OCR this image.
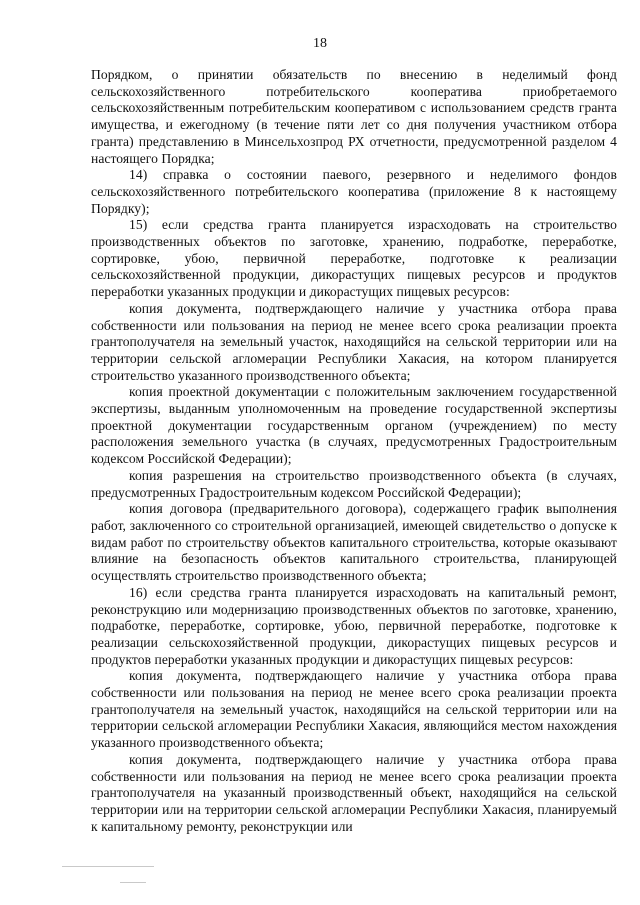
18

Порядком, о принятии обязательств по внесению в неделимый фонд сельскохозяйственного потребительского кооператива приобретаемого сельскохозяйственным потребительским кооперативом с использованием средств гранта имущества, и ежегодному (в течение пяти лет со дня получения участником отбора гранта) представлению в Минсельхозпрод РХ отчетности, предусмотренной разделом 4 настоящего Порядка;

14) справка о состоянии паевого, резервного и неделимого фондов сельскохозяйственного потребительского кооператива (приложение 8 к настоящему Порядку);

15) если средства гранта планируется израсходовать на строительство производственных объектов по заготовке, хранению, подработке, переработке, сортировке, убою, первичной переработке, подготовке к реализации сельскохозяйственной продукции, дикорастущих пищевых ресурсов и продуктов переработки указанных продукции и дикорастущих пищевых ресурсов:

копия документа, подтверждающего наличие у участника отбора права собственности или пользования на период не менее всего срока реализации проекта грантополучателя на земельный участок, находящийся на сельской территории или на территории сельской агломерации Республики Хакасия, на котором планируется строительство указанного производственного объекта;

копия проектной документации с положительным заключением государственной экспертизы, выданным уполномоченным на проведение государственной экспертизы проектной документации государственным органом (учреждением) по месту расположения земельного участка (в случаях, предусмотренных Градостроительным кодексом Российской Федерации);

копия разрешения на строительство производственного объекта (в случаях, предусмотренных Градостроительным кодексом Российской Федерации);

копия договора (предварительного договора), содержащего график выполнения работ, заключенного со строительной организацией, имеющей свидетельство о допуске к видам работ по строительству объектов капитального строительства, которые оказывают влияние на безопасность объектов капитального строительства, планирующей осуществлять строительство производственного объекта;

16) если средства гранта планируется израсходовать на капитальный ремонт, реконструкцию или модернизацию производственных объектов по заготовке, хранению, подработке, переработке, сортировке, убою, первичной переработке, подготовке к реализации сельскохозяйственной продукции, дикорастущих пищевых ресурсов и продуктов переработки указанных продукции и дикорастущих пищевых ресурсов:

копия документа, подтверждающего наличие у участника отбора права собственности или пользования на период не менее всего срока реализации проекта грантополучателя на земельный участок, находящийся на сельской территории или на территории сельской агломерации Республики Хакасия, являющийся местом нахождения указанного производственного объекта;

копия документа, подтверждающего наличие у участника отбора права собственности или пользования на период не менее всего срока реализации проекта грантополучателя на указанный производственный объект, находящийся на сельской территории или на территории сельской агломерации Республики Хакасия, планируемый к капитальному ремонту, реконструкции или
